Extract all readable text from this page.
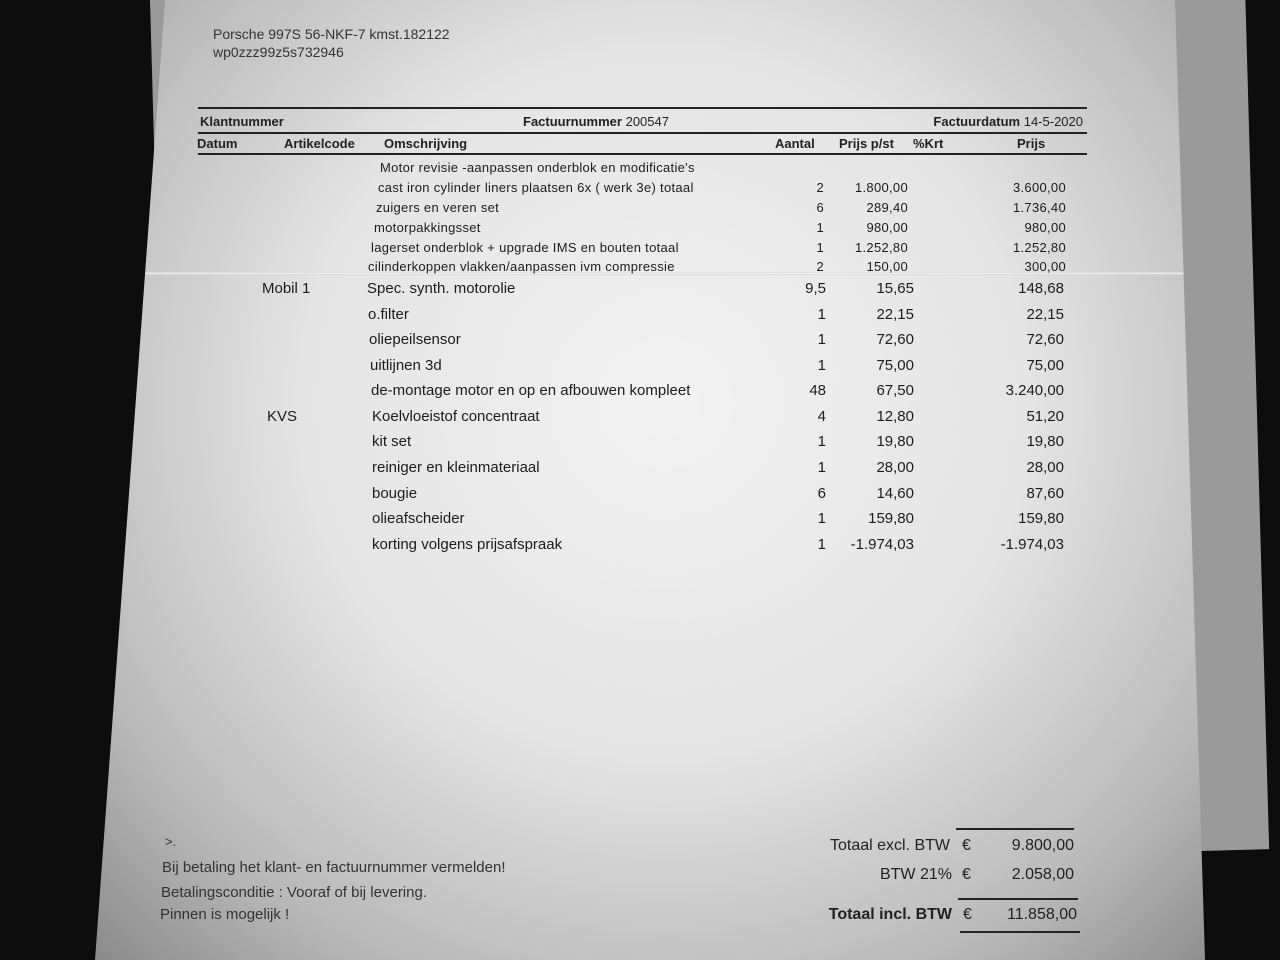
Porsche 997S 56-NKF-7 kmst.182122
wp0zzz99z5s732946
Klantnummer	Factuurnummer 200547	Factuurdatum 14-5-2020
Datum	Artikelcode Omschrijving	Aantal Prijs p/st %Krt	Prijs
Motor revisie -aanpassen onderblok en modificatie's
cast iron cylinder liners plaatsen 6x ( werk 3e) totaal	2 1.800,00	3.600,00
zuigers en veren set	6	289,40	1.736,40
motorpakkingsset	1	980,00	980,00
lagerset onderblok + upgrade IMS en bouten totaal	1 1.252,80	1.252,80
cilinderkoppen vlakken/aanpassen ivm compressie	2	150,00	300,00
Mobil 1	Spec. synth. motorolie	9,5	15,65	148,68
o.filter	1	22,15	22,15
oliepeilsensor	1	72,60	72,60
uitlijnen 3d	1	75,00	75,00
de-montage motor en op en afbouwen kompleet	48	67,50	3.240,00
KVS	Koelvloeistof concentraat	4	12,80	51,20
kit set	1	19,80	19,80
reiniger en kleinmateriaal	1	28,00	28,00
bougie	6	14,60	87,60
olieafscheider	1	159,80	159,80
korting volgens prijsafspraak	1 -1.974,03	-1.974,03
>.
Bij betaling het klant- en factuurnummer vermelden!
Betalingsconditie : Vooraf of bij levering.
Pinnen is mogelijk !
Totaal excl. BTW €	9.800,00
BTW 21% €	2.058,00
Totaal incl. BTW € 11.858,00
